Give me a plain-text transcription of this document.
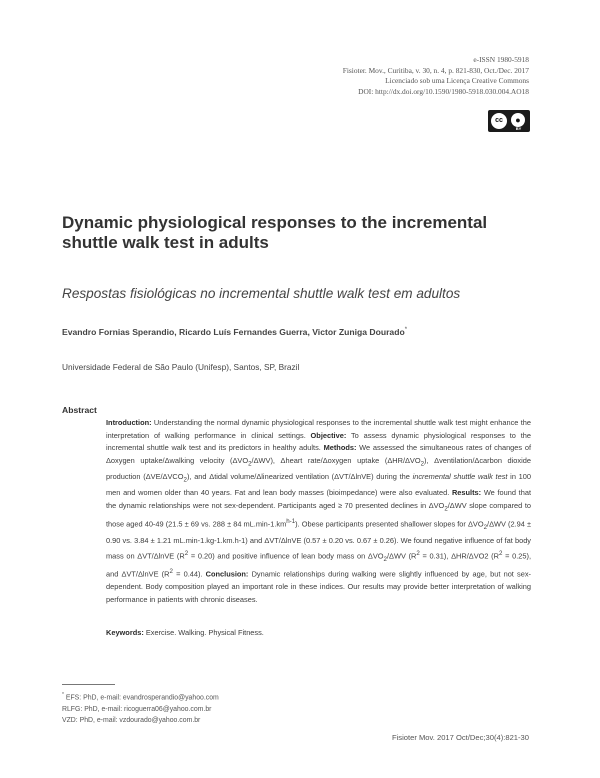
e-ISSN 1980-5918
Fisioter. Mov., Curitiba, v. 30, n. 4, p. 821-830, Oct./Dec. 2017
Licenciado sob uma Licença Creative Commons
DOI: http://dx.doi.org/10.1590/1980-5918.030.004.AO18
cc	●
BY
Dynamic physiological responses to the incremental shuttle walk test in adults
Respostas fisiológicas no incremental shuttle walk test em adultos
Evandro Fornias Sperandio, Ricardo Luís Fernandes Guerra, Victor Zuniga Dourado*
Universidade Federal de São Paulo (Unifesp), Santos, SP, Brazil
Abstract

Introduction: Understanding the normal dynamic physiological responses to the incremental shuttle walk test might enhance the interpretation of walking performance in clinical settings. Objective: To assess dynamic physiological responses to the incremental shuttle walk test and its predictors in healthy adults. Methods: We assessed the simultaneous rates of changes of Δoxygen uptake/Δwalking velocity $(\Delta VO_2/\Delta WV)$, Δheart rate/Δoxygen uptake $(\Delta HR/\Delta VO_2)$, Δventilation/Δcarbon dioxide production $(\Delta VE/\Delta VCO_2)$, and Δtidal volume/Δlinearized ventilation (ΔVT/ΔlnVE) during the incremental shuttle walk test in 100 men and women older than 40 years. Fat and lean body masses (bioimpedance) were also evaluated. Results: We found that the dynamic relationships were not sex-dependent. Participants aged ≥ 70 presented declines in $\Delta VO_2$/ΔWV slope compared to those aged 40-49 (21.5 ± 69 vs. 288 ± 84 $mL.\min-1.km^{h-1}$). Obese participants presented shallower slopes for $\Delta VO_2$/ΔWV (2.94 ± 0.90 vs. 3.84 ± 1.21 mL.min-1.kg-1.km.h-1) and ΔVT/ΔlnVE (0.57 ± 0.20 vs. 0.67 ± 0.26). We found negative influence of fat body mass on ΔVT/ΔlnVE $(R^2 = 0.20)$ and positive influence of lean body mass on $\Delta VO_2$/ΔWV $(R^2 = 0.31)$, ΔHR/ΔVO2 $(R^2 = 0.25)$, and ΔVT/ΔlnVE $(R^2 = 0.44)$. Conclusion: Dynamic relationships during walking were slightly influenced by age, but not sex-dependent. Body composition played an important role in these indices. Our results may provide better interpretation of walking performance in patients with chronic diseases.

Keywords: Exercise. Walking. Physical Fitness.
* EFS: PhD, e-mail: evandrosperandio@yahoo.com
RLFG: PhD, e-mail: ricoguerra06@yahoo.com.br
VZD: PhD, e-mail: vzdourado@yahoo.com.br
Fisioter Mov. 2017 Oct/Dec;30(4):821-30
